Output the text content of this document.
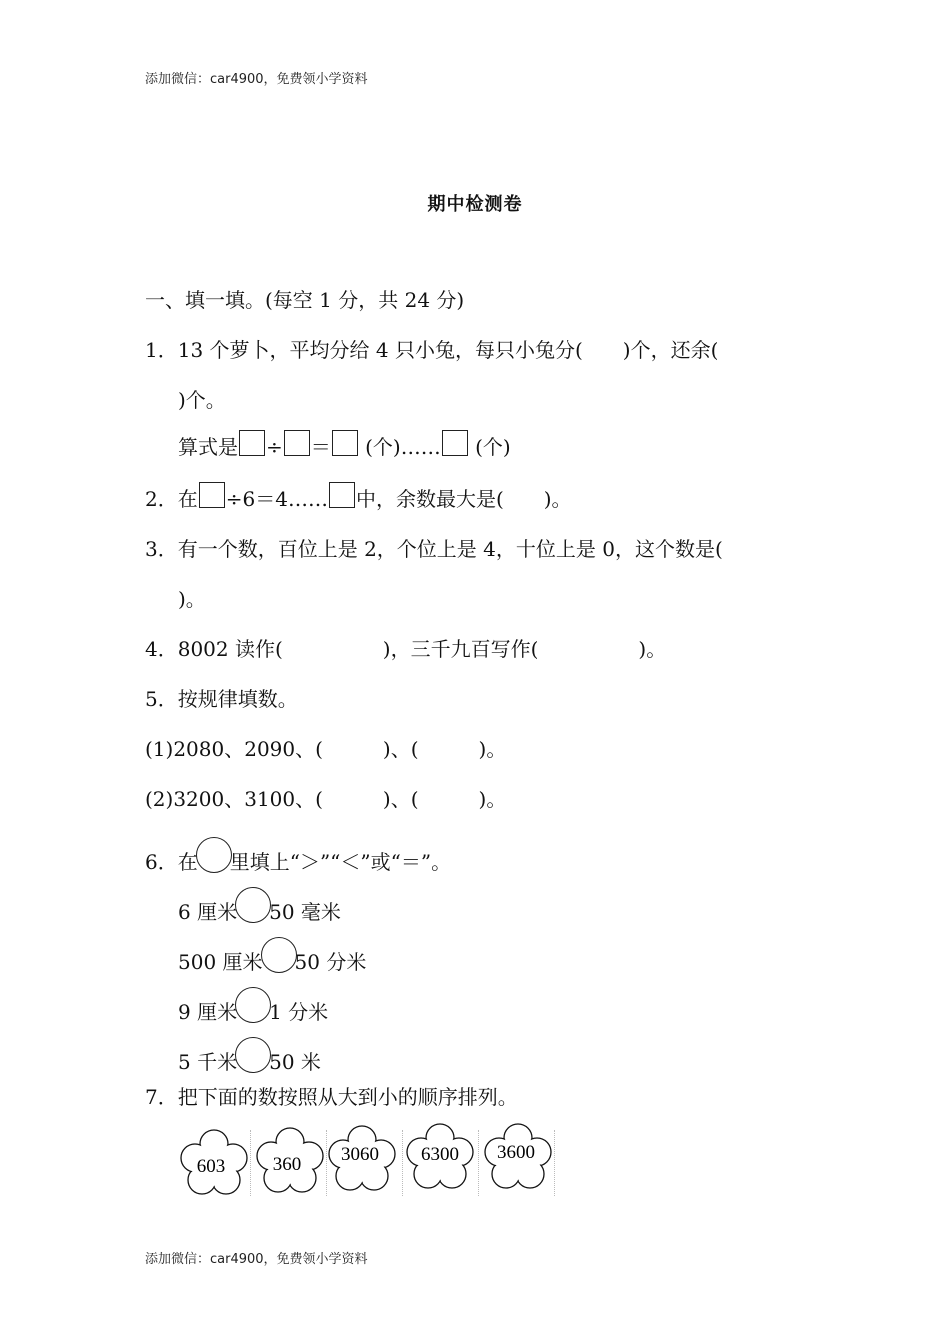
添加微信：car4900，免费领小学资料
期中检测卷
一、填一填。(每空 1 分，共 24 分)
1．13 个萝卜，平均分给 4 只小兔，每只小兔分(　　)个，还余(
)个。
算式是 ÷ ＝ (个)…… (个)
2．在 ÷6＝4…… 中，余数最大是(　　)。
3．有一个数，百位上是 2，个位上是 4，十位上是 0，这个数是(
)。
4．8002 读作(　　　　　)，三千九百写作(　　　　　)。
5．按规律填数。
(1)2080、2090、(　　　)、(　　　)。
(2)3200、3100、(　　　)、(　　　)。
6．在 里填上“＞”“＜”或“＝”。
6 厘米 50 毫米
500 厘米 50 分米
9 厘米 1 分米
5 千米 50 米
7．把下面的数按照从大到小的顺序排列。
603	360 3060 6300 3600
添加微信：car4900，免费领小学资料
